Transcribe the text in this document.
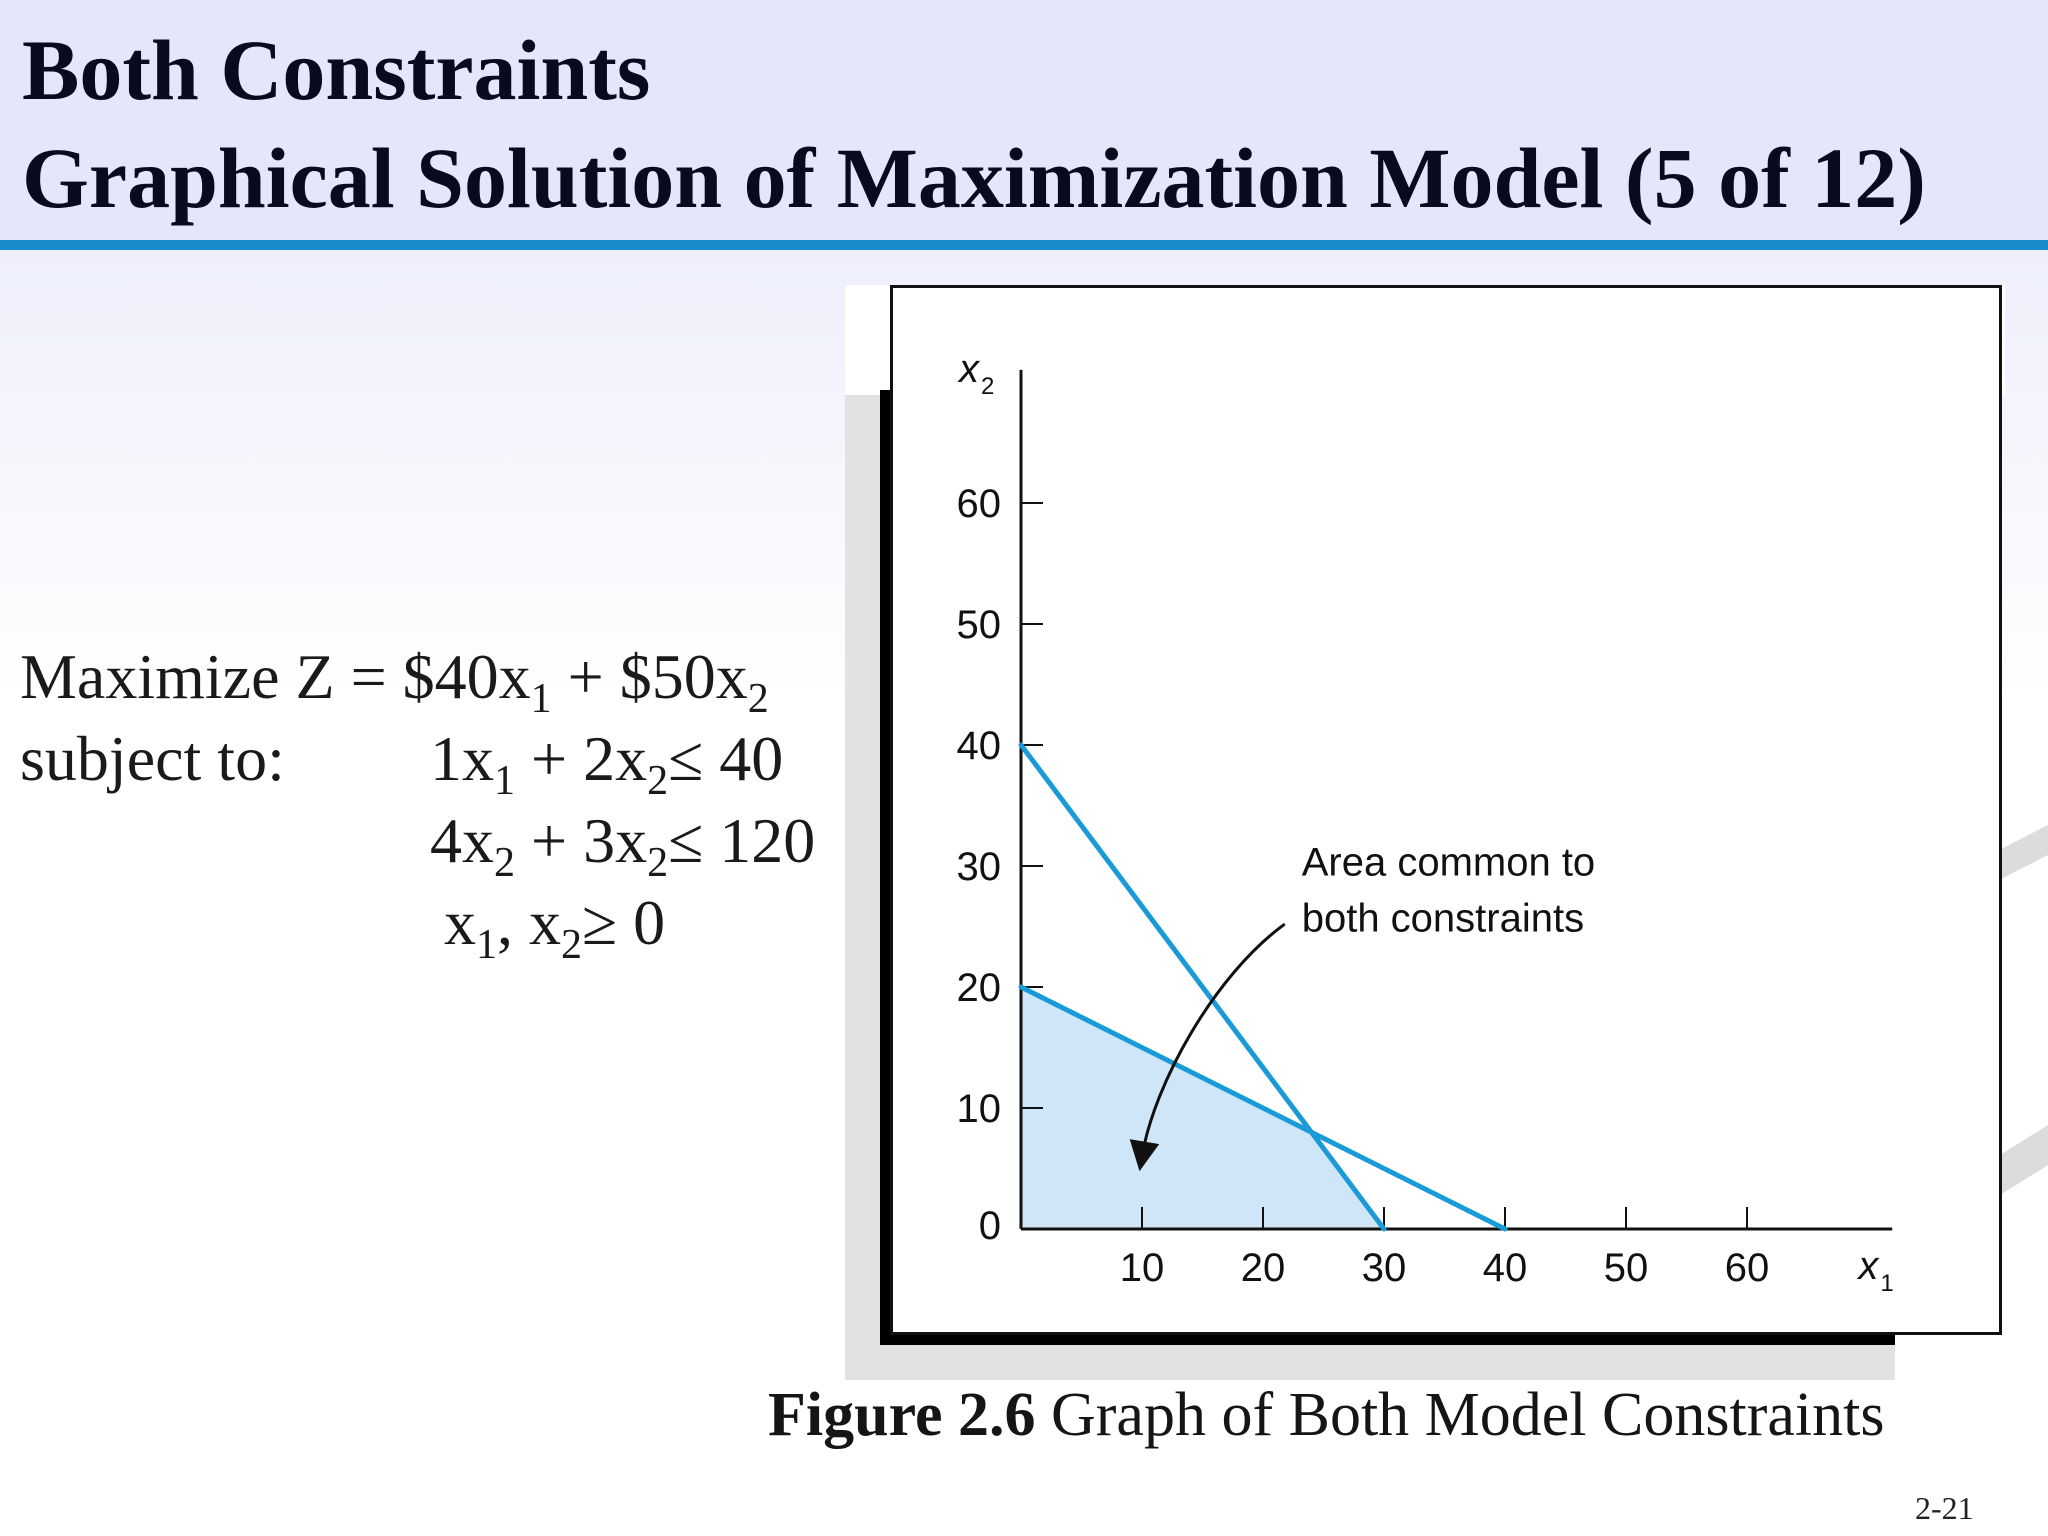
Both Constraints
Graphical Solution of Maximization Model (5 of 12)
Maximize $Z = \$40x_1$ + $\$50x_2$
subject to: $1x_1 + 2x_2\le 40$
$4x_2 + 3x_2\le 120$
$x_1$, $x_2\ge 0$
10 20 30 40 50 60
0
10
20
30
40
50
60
x 1
x 2
Area common to
both constraints
Figure 2.6 Graph of Both Model Constraints
2-21
